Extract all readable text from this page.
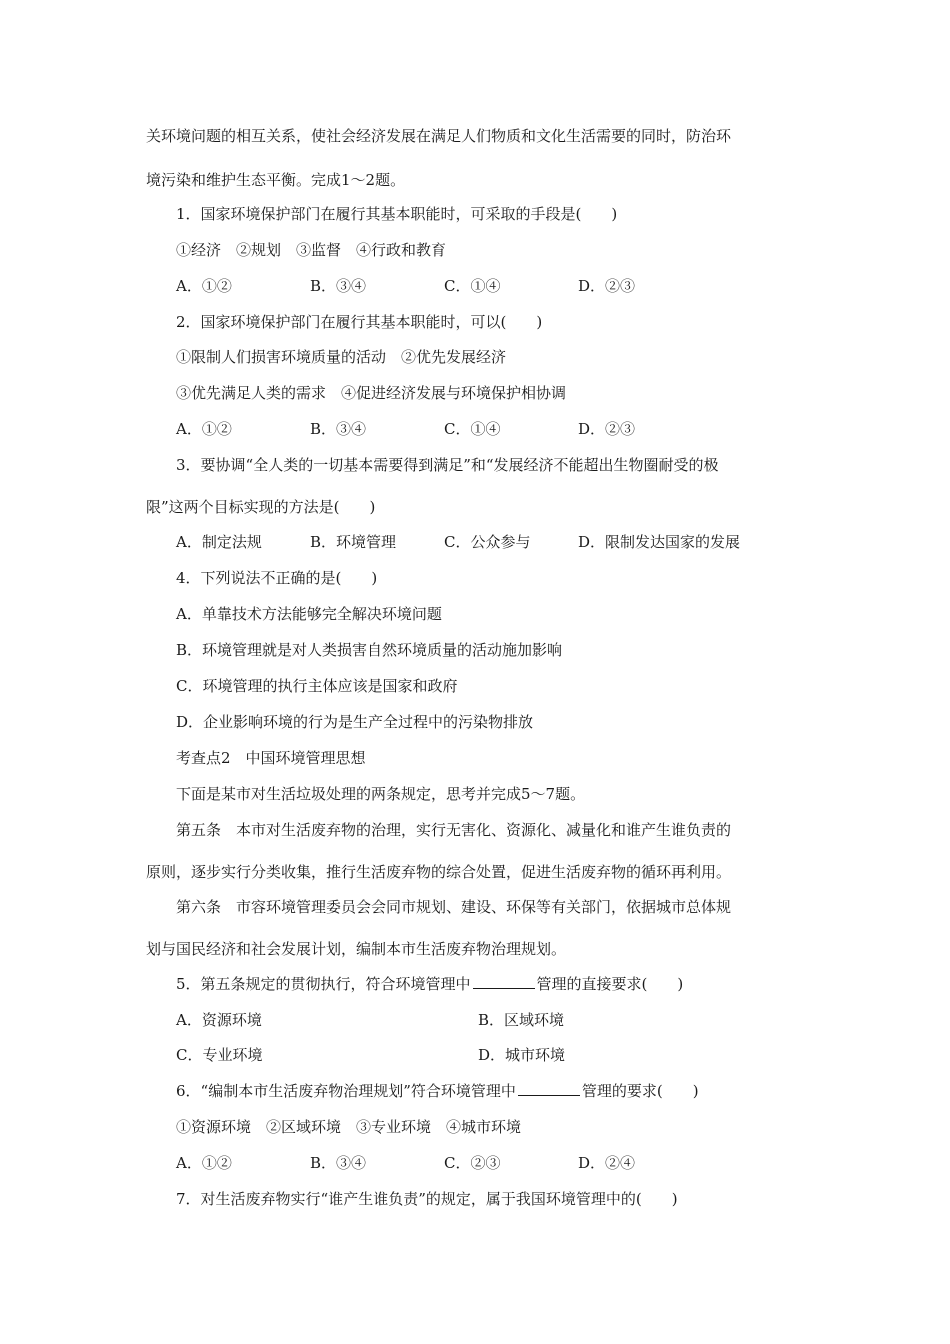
关环境问题的相互关系，使社会经济发展在满足人们物质和文化生活需要的同时，防治环
境污染和维护生态平衡。完成1～2题。
1．国家环境保护部门在履行其基本职能时，可采取的手段是(　　)
①经济　②规划　③监督　④行政和教育
A．①②	B．③④	C．①④	D．②③
2．国家环境保护部门在履行其基本职能时，可以(　　)
①限制人们损害环境质量的活动　②优先发展经济
③优先满足人类的需求　④促进经济发展与环境保护相协调
A．①②	B．③④	C．①④	D．②③
3．要协调“全人类的一切基本需要得到满足”和“发展经济不能超出生物圈耐受的极
限”这两个目标实现的方法是(　　)
A．制定法规	B．环境管理	C．公众参与	D．限制发达国家的发展
4．下列说法不正确的是(　　)
A．单靠技术方法能够完全解决环境问题
B．环境管理就是对人类损害自然环境质量的活动施加影响
C．环境管理的执行主体应该是国家和政府
D．企业影响环境的行为是生产全过程中的污染物排放
考查点2　中国环境管理思想
下面是某市对生活垃圾处理的两条规定，思考并完成5～7题。
第五条　本市对生活废弃物的治理，实行无害化、资源化、减量化和谁产生谁负责的
原则，逐步实行分类收集，推行生活废弃物的综合处置，促进生活废弃物的循环再利用。
第六条　市容环境管理委员会会同市规划、建设、环保等有关部门，依据城市总体规
划与国民经济和社会发展计划，编制本市生活废弃物治理规划。
5．第五条规定的贯彻执行，符合环境管理中	管理的直接要求(　　)
A．资源环境	B．区域环境
C．专业环境	D．城市环境
6．“编制本市生活废弃物治理规划”符合环境管理中	管理的要求(　　)
①资源环境　②区域环境　③专业环境　④城市环境
A．①②	B．③④	C．②③	D．②④
7．对生活废弃物实行“谁产生谁负责”的规定，属于我国环境管理中的(　　)
